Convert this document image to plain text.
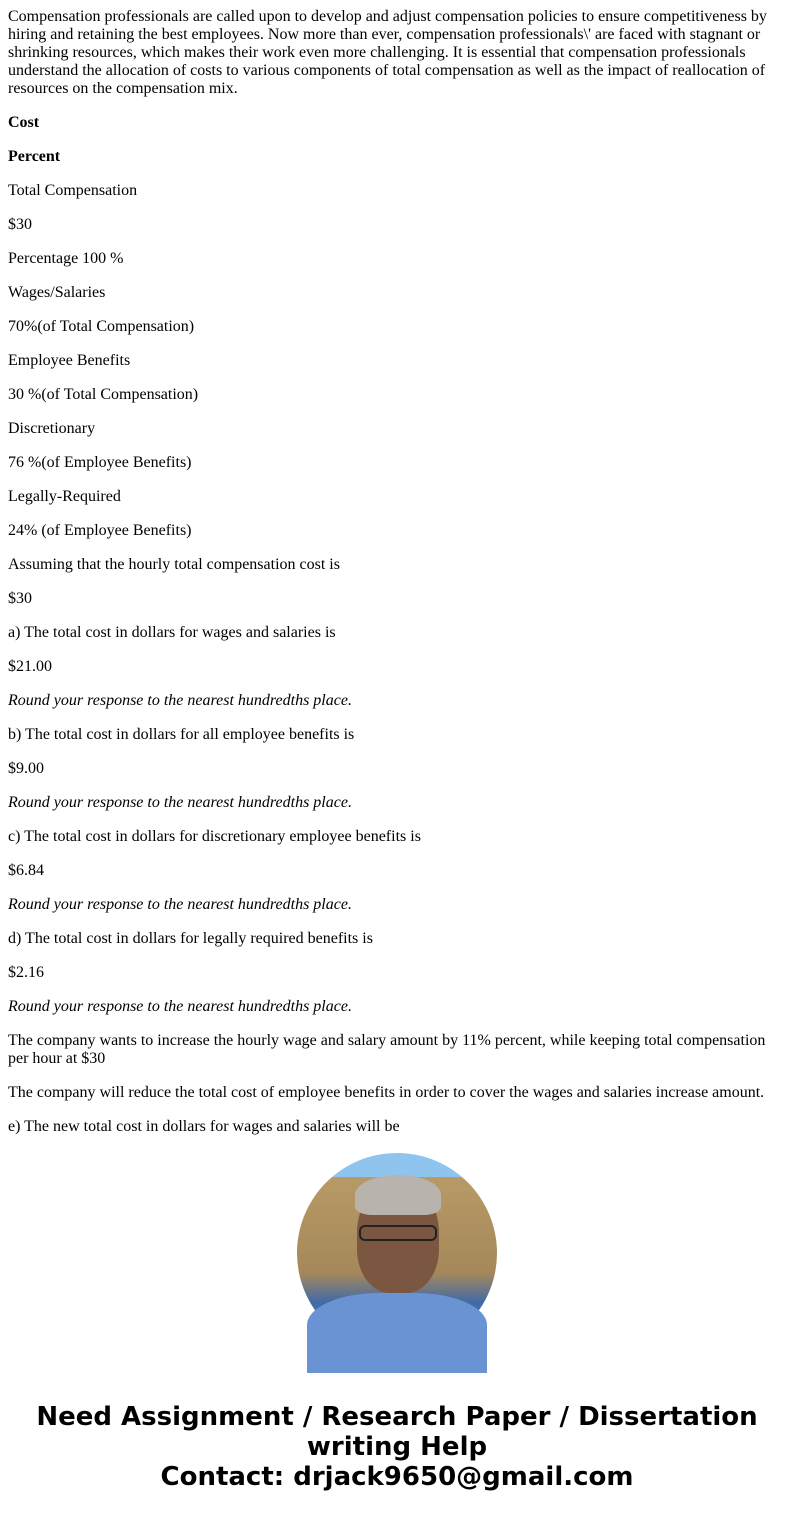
Compensation professionals are called upon to develop and adjust compensation policies to ensure competitiveness by hiring and retaining the best employees. Now more than ever, compensation professionals\' are faced with stagnant or shrinking resources, which makes their work even more challenging. It is essential that compensation professionals understand the allocation of costs to various components of total compensation as well as the impact of reallocation of resources on the compensation mix.

Cost

Percent

Total Compensation

$30

Percentage 100 %

Wages/Salaries

70%(of Total Compensation)

Employee Benefits

30 %(of Total Compensation)

Discretionary

76 %(of Employee Benefits)

Legally-Required

24% (of Employee Benefits)

Assuming that the hourly total compensation cost is

$30

a) The total cost in dollars for wages and salaries is

$21.00

Round your response to the nearest hundredths place.

b) The total cost in dollars for all employee benefits is

$9.00

Round your response to the nearest hundredths place.

c) The total cost in dollars for discretionary employee benefits is

$6.84

Round your response to the nearest hundredths place.

d) The total cost in dollars for legally required benefits is

$2.16

Round your response to the nearest hundredths place.

The company wants to increase the hourly wage and salary amount by 11% percent, while keeping total compensation per hour at $30

The company will reduce the total cost of employee benefits in order to cover the wages and salaries increase amount.

e) The new total cost in dollars for wages and salaries will be

Need Assignment / Research Paper / Dissertation writing Help
Contact: drjack9650@gmail.com
